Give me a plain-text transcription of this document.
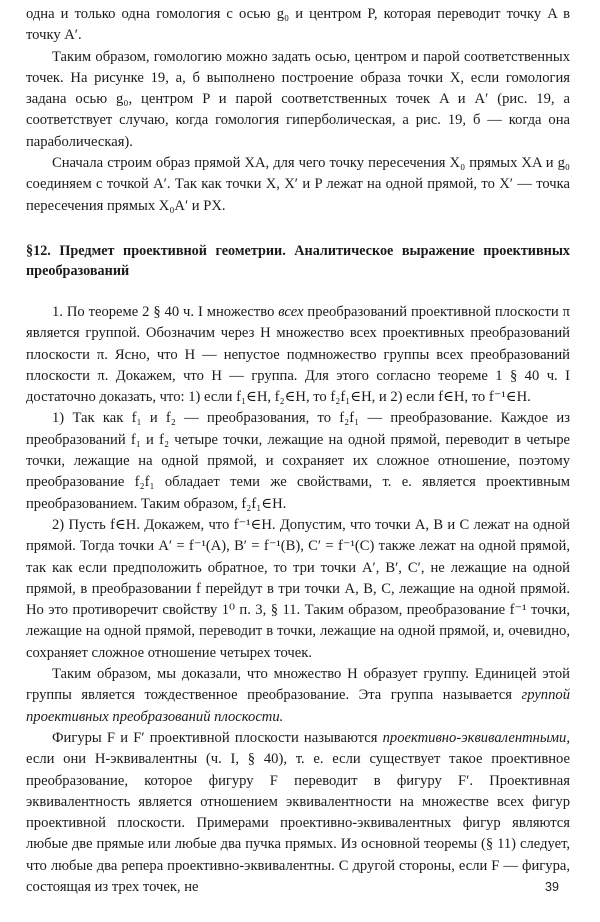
одна и только одна гомология с осью g₀ и центром P, которая переводит точку A в точку A′.

Таким образом, гомологию можно задать осью, центром и парой соответственных точек. На рисунке 19, а, б выполнено построение образа точки X, если гомология задана осью g₀, центром P и парой соответственных точек A и A′ (рис. 19, а соответствует случаю, когда гомология гиперболическая, а рис. 19, б — когда она параболическая).

Сначала строим образ прямой XA, для чего точку пересечения X₀ прямых XA и g₀ соединяем с точкой A′. Так как точки X, X′ и P лежат на одной прямой, то X′ — точка пересечения прямых X₀A′ и PX.

§12. Предмет проективной геометрии. Аналитическое выражение проективных преобразований

1. По теореме 2 § 40 ч. I множество всех преобразований проективной плоскости π является группой. Обозначим через H множество всех проективных преобразований плоскости π. Ясно, что H — непустое подмножество группы всех преобразований плоскости π. Докажем, что H — группа. Для этого согласно теореме 1 § 40 ч. I достаточно доказать, что: 1) если f₁∈H, f₂∈H, то f₂f₁∈H, и 2) если f∈H, то f⁻¹∈H.

1) Так как f₁ и f₂ — преобразования, то f₂f₁ — преобразование. Каждое из преобразований f₁ и f₂ четыре точки, лежащие на одной прямой, переводит в четыре точки, лежащие на одной прямой, и сохраняет их сложное отношение, поэтому преобразование f₂f₁ обладает теми же свойствами, т. е. является проективным преобразованием. Таким образом, f₂f₁∈H.

2) Пусть f∈H. Докажем, что f⁻¹∈H. Допустим, что точки A, B и C лежат на одной прямой. Тогда точки A′ = f⁻¹(A), B′ = f⁻¹(B), C′ = f⁻¹(C) также лежат на одной прямой, так как если предположить обратное, то три точки A′, B′, C′, не лежащие на одной прямой, в преобразовании f перейдут в три точки A, B, C, лежащие на одной прямой. Но это противоречит свойству 1⁰ п. 3, § 11. Таким образом, преобразование f⁻¹ точки, лежащие на одной прямой, переводит в точки, лежащие на одной прямой, и, очевидно, сохраняет сложное отношение четырех точек.

Таким образом, мы доказали, что множество H образует группу. Единицей этой группы является тождественное преобразование. Эта группа называется группой проективных преобразований плоскости.

Фигуры F и F′ проективной плоскости называются проективно-эквивалентными, если они H-эквивалентны (ч. I, § 40), т. е. если существует такое проективное преобразование, которое фигуру F переводит в фигуру F′. Проективная эквивалентность является отношением эквивалентности на множестве всех фигур проективной плоскости. Примерами проективно-эквивалентных фигур являются любые две прямые или любые два пучка прямых. Из основной теоремы (§ 11) следует, что любые два репера проективно-эквивалентны. С другой стороны, если F — фигура, состоящая из трех точек, не	39
